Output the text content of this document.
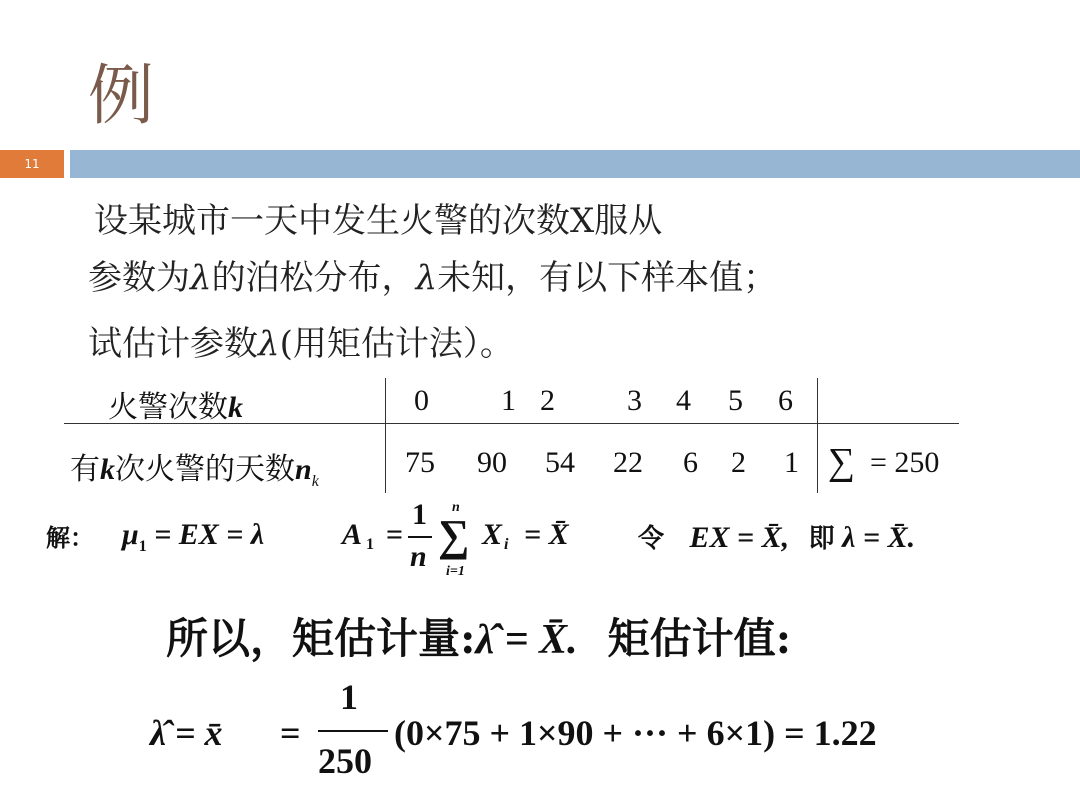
例
11
设某城市一天中发生火警的次数X服从
参数为λ的泊松分布，λ未知，有以下样本值；
试估计参数λ(用矩估计法）。
火警次数k
有k次火警的天数$n_k$
0 1 2 3 4 5 6
75 90 54 22 6 2 1 ∑ = 250
解： $\mu_1$ = EX = λ	A 1 =
1
n
n
∑
i=1
X i = X̄	令 EX = X̄, 即 λ = X̄.
所以，矩估计量:λ̂ = X̄. 矩估计值:
λ̂ = x̄ =
1
250
(0×75 + 1×90 + ··· + 6×1) = 1.22
